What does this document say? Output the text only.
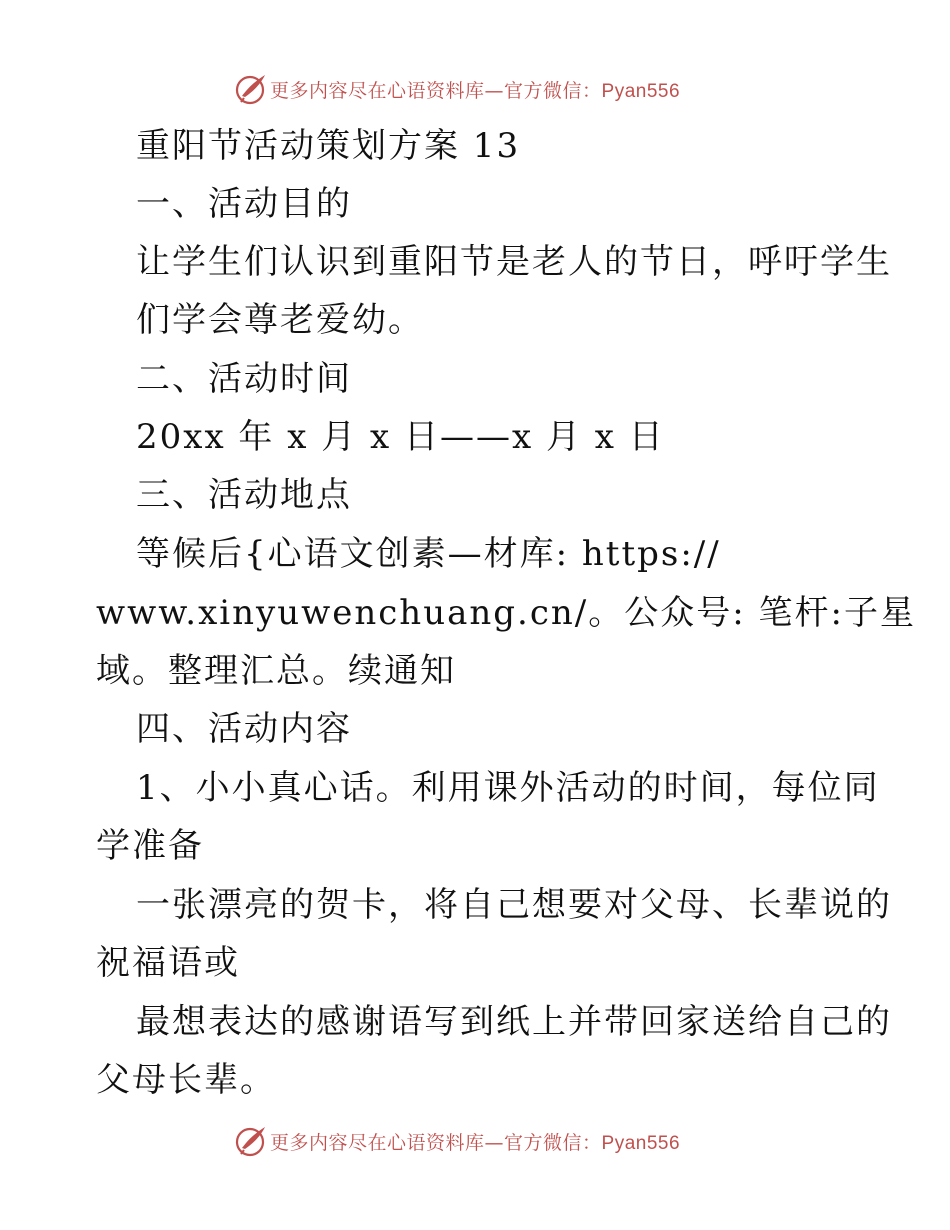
更多内容尽在心语资料库—官方微信：Pyan556
重阳节活动策划方案 13
一、活动目的
让学生们认识到重阳节是老人的节日，呼吁学生
们学会尊老爱幼。
二、活动时间
20xx 年 x 月 x 日——x 月 x 日
三、活动地点
等候后{心语文创素—材库: https://
www.xinyuwenchuang.cn/。公众号: 笔杆:子星
域。整理汇总。续通知
四、活动内容
1、小小真心话。利用课外活动的时间，每位同
学准备
一张漂亮的贺卡，将自己想要对父母、长辈说的
祝福语或
最想表达的感谢语写到纸上并带回家送给自己的
父母长辈。
更多内容尽在心语资料库—官方微信：Pyan556
